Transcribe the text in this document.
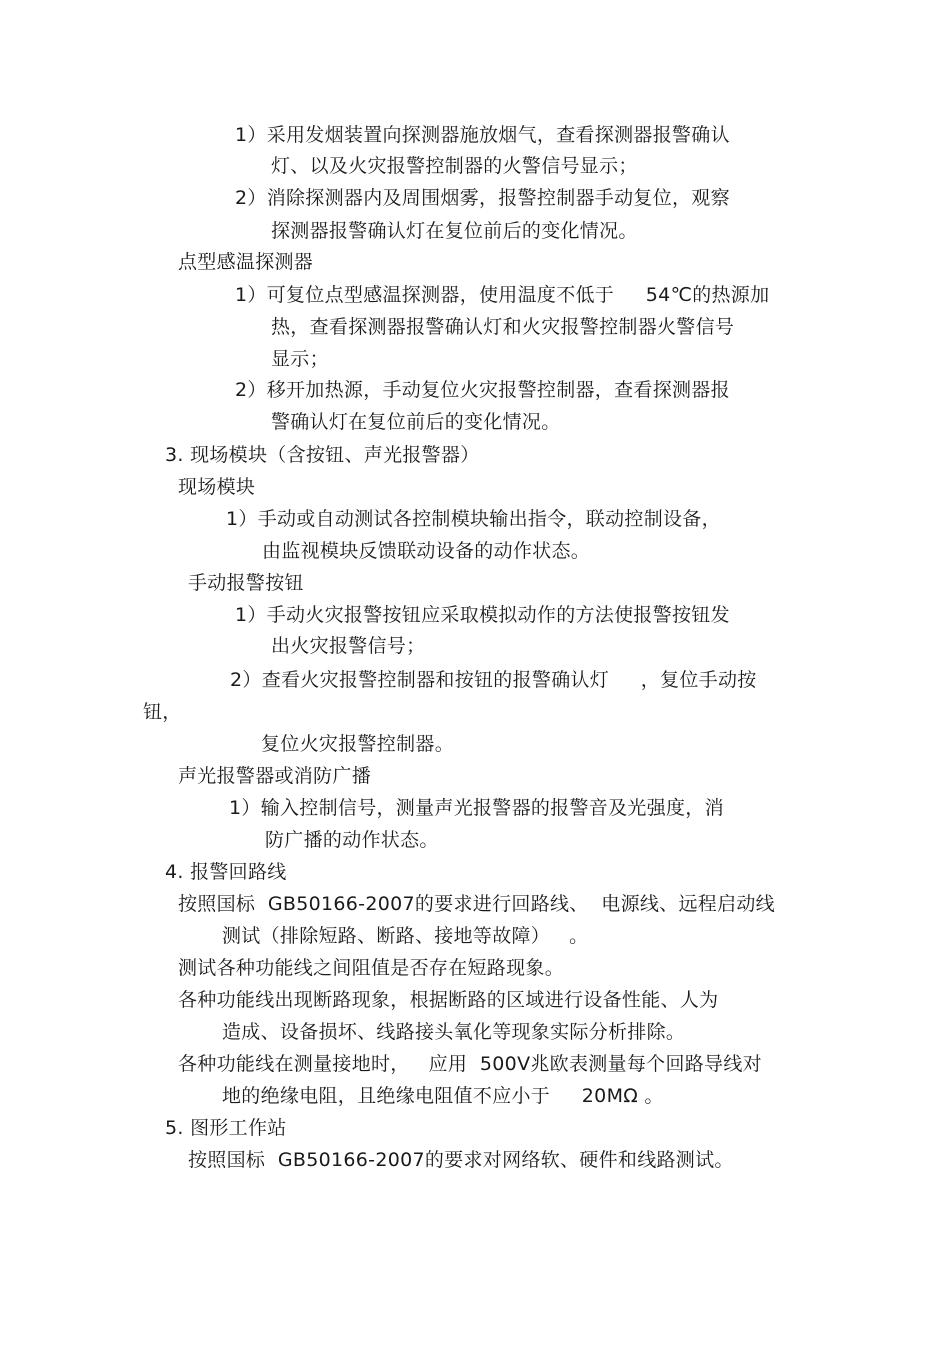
1）采用发烟装置向探测器施放烟气，查看探测器报警确认
灯、以及火灾报警控制器的火警信号显示；
2）消除探测器内及周围烟雾，报警控制器手动复位，观察
探测器报警确认灯在复位前后的变化情况。
点型感温探测器
1）可复位点型感温探测器，使用温度不低于     54℃的热源加
热，查看探测器报警确认灯和火灾报警控制器火警信号
显示；
2）移开加热源，手动复位火灾报警控制器，查看探测器报
警确认灯在复位前后的变化情况。
3. 现场模块（含按钮、声光报警器）
现场模块
1）手动或自动测试各控制模块输出指令，联动控制设备，
由监视模块反馈联动设备的动作状态。
手动报警按钮
1）手动火灾报警按钮应采取模拟动作的方法使报警按钮发
出火灾报警信号；
2）查看火灾报警控制器和按钮的报警确认灯     ，复位手动按
钮，
复位火灾报警控制器。
声光报警器或消防广播
1）输入控制信号，测量声光报警器的报警音及光强度，消
防广播的动作状态。
4. 报警回路线
按照国标  GB50166-2007的要求进行回路线、  电源线、远程启动线
测试（排除短路、断路、接地等故障）   。
测试各种功能线之间阻值是否存在短路现象。
各种功能线出现断路现象，根据断路的区域进行设备性能、人为
造成、设备损坏、线路接头氧化等现象实际分析排除。
各种功能线在测量接地时，   应用  500V兆欧表测量每个回路导线对
地的绝缘电阻，且绝缘电阻值不应小于     20MΩ 。
5. 图形工作站
按照国标  GB50166-2007的要求对网络软、硬件和线路测试。
